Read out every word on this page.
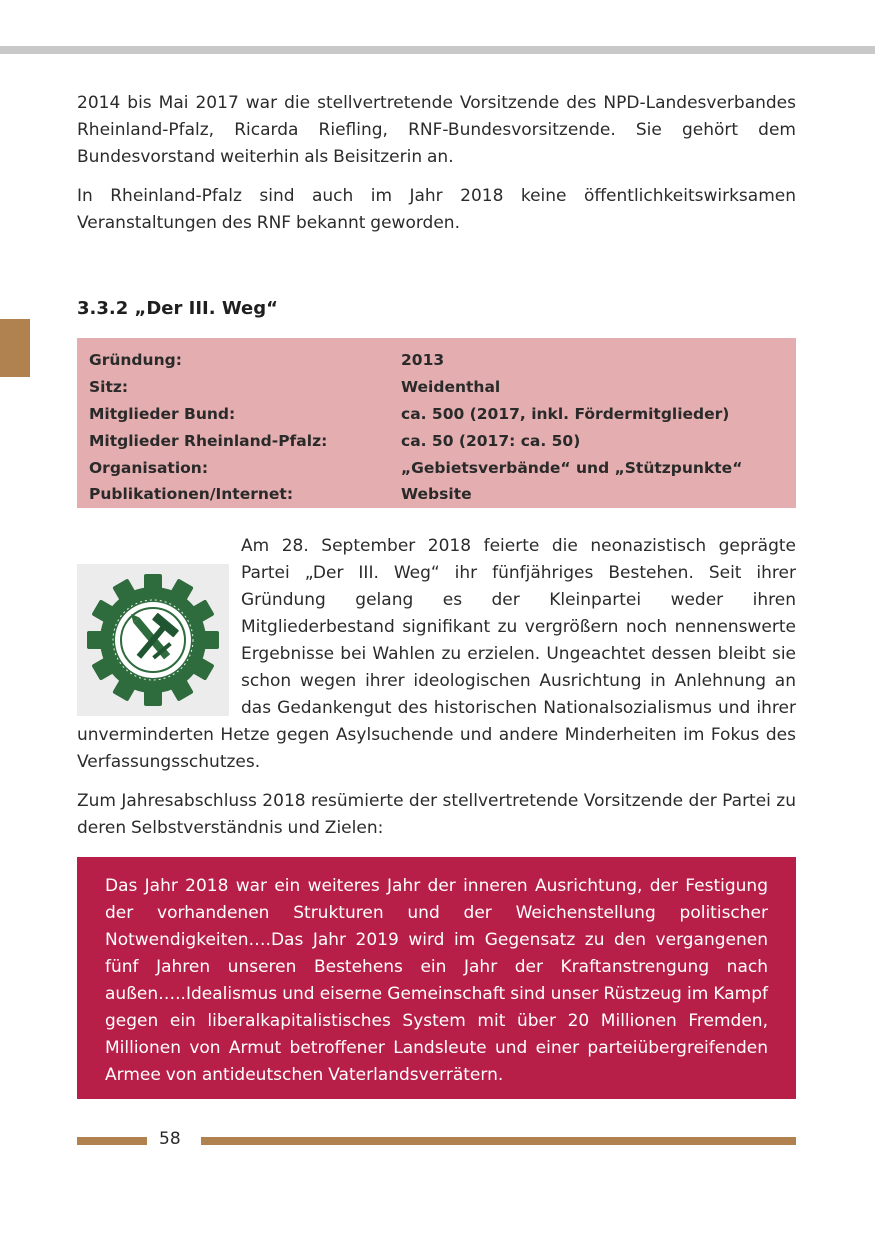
2014 bis Mai 2017 war die stellvertretende Vorsitzende des NPD-Landesverbandes Rheinland-Pfalz, Ricarda Riefling, RNF-Bundesvorsitzende. Sie gehört dem Bundesvorstand weiterhin als Beisitzerin an.

In Rheinland-Pfalz sind auch im Jahr 2018 keine öffentlichkeitswirksamen Veranstaltungen des RNF bekannt geworden.

3.3.2 „Der III. Weg“
Gründung:	2013
Sitz:	Weidenthal
Mitglieder Bund:	ca. 500 (2017, inkl. Fördermitglieder)
Mitglieder Rheinland-Pfalz:	ca. 50 (2017: ca. 50)
Organisation:	„Gebietsverbände“ und „Stützpunkte“
Publikationen/Internet:	Website

Am 28. September 2018 feierte die neonazistisch geprägte Partei „Der III. Weg“ ihr fünfjähriges Bestehen. Seit ihrer Gründung gelang es der Kleinpartei weder ihren Mitgliederbestand signifikant zu vergrößern noch nennenswerte Ergebnisse bei Wahlen zu erzielen. Ungeachtet dessen bleibt sie schon wegen ihrer ideologischen Ausrichtung in Anlehnung an das Gedankengut des historischen Nationalsozialismus und ihrer unverminderten Hetze gegen Asylsuchende und andere Minderheiten im Fokus des Verfassungsschutzes.

Zum Jahresabschluss 2018 resümierte der stellvertretende Vorsitzende der Partei zu deren Selbstverständnis und Zielen:

Das Jahr 2018 war ein weiteres Jahr der inneren Ausrichtung, der Festigung der vorhandenen Strukturen und der Weichenstellung politischer Notwendigkeiten….Das Jahr 2019 wird im Gegensatz zu den vergangenen fünf Jahren unseren Bestehens ein Jahr der Kraftanstrengung nach außen…..Idealismus und eiserne Gemeinschaft sind unser Rüstzeug im Kampf gegen ein liberalkapitalistisches System mit über 20 Millionen Fremden, Millionen von Armut betroffener Landsleute und einer parteiübergreifenden Armee von antideutschen Vaterlandsverrätern.

58
